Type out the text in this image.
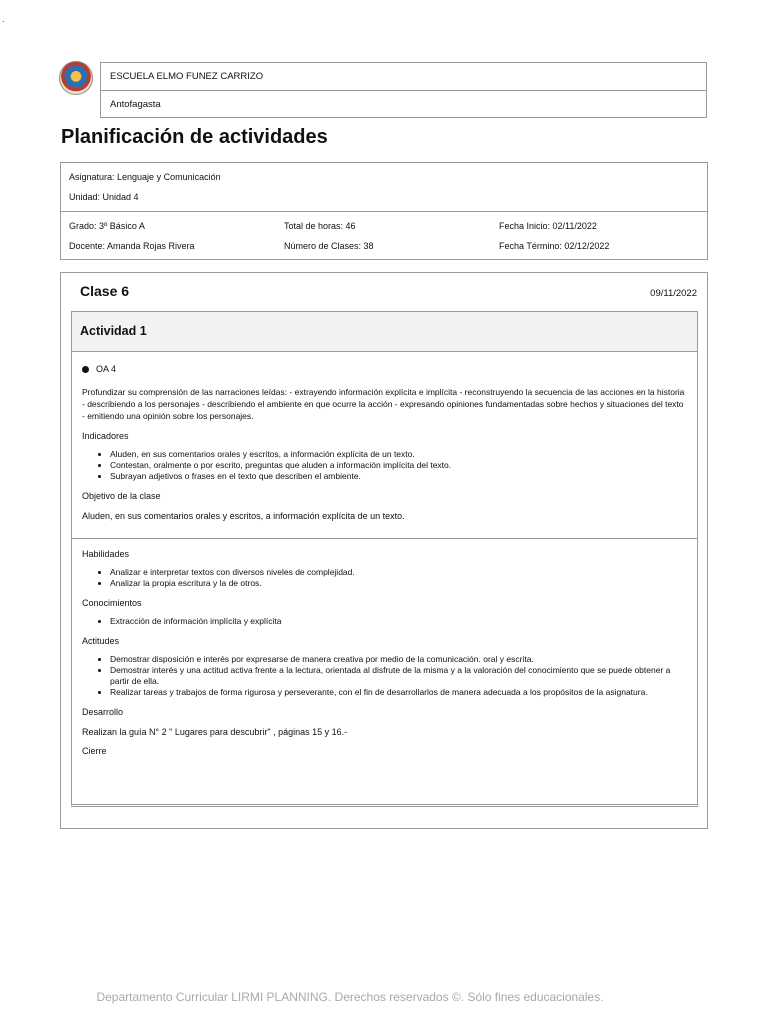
.
ESCUELA ELMO FUNEZ CARRIZO
Antofagasta
Planificación de actividades
Asignatura: Lenguaje y Comunicación
Unidad: Unidad 4
Grado: 3º Básico A	Total de horas: 46	Fecha Inicio: 02/11/2022
Docente: Amanda Rojas Rivera	Número de Clases: 38	Fecha Término: 02/12/2022
Clase 6	09/11/2022
Actividad 1
OA 4
Profundizar su comprensión de las narraciones leídas: - extrayendo información explícita e implícita - reconstruyendo la secuencia de las acciones en la historia - describiendo a los personajes - describiendo el ambiente en que ocurre la acción - expresando opiniones fundamentadas sobre hechos y situaciones del texto - emitiendo una opinión sobre los personajes.
Indicadores
• Aluden, en sus comentarios orales y escritos, a información explícita de un texto.
• Contestan, oralmente o por escrito, preguntas que aluden a información implícita del texto.
• Subrayan adjetivos o frases en el texto que describen el ambiente.
Objetivo de la clase
Aluden, en sus comentarios orales y escritos, a información explícita de un texto.
Habilidades
• Analizar e interpretar textos con diversos niveles de complejidad.
• Analizar la propia escritura y la de otros.
Conocimientos
• Extracción de información implícita y explícita
Actitudes
• Demostrar disposición e interés por expresarse de manera creativa por medio de la comunicación. oral y escrita.
• Demostrar interés y una actitud activa frente a la lectura, orientada al disfrute de la misma y a la valoración del conocimiento que se puede obtener a partir de ella.
• Realizar tareas y trabajos de forma rigurosa y perseverante, con el fin de desarrollarlos de manera adecuada a los propósitos de la asignatura.
Desarrollo
Realizan la guía N° 2 " Lugares para descubrir" , páginas 15 y 16.-
Cierre
Departamento Curricular LIRMI PLANNING. Derechos reservados ©. Sólo fines educacionales.
